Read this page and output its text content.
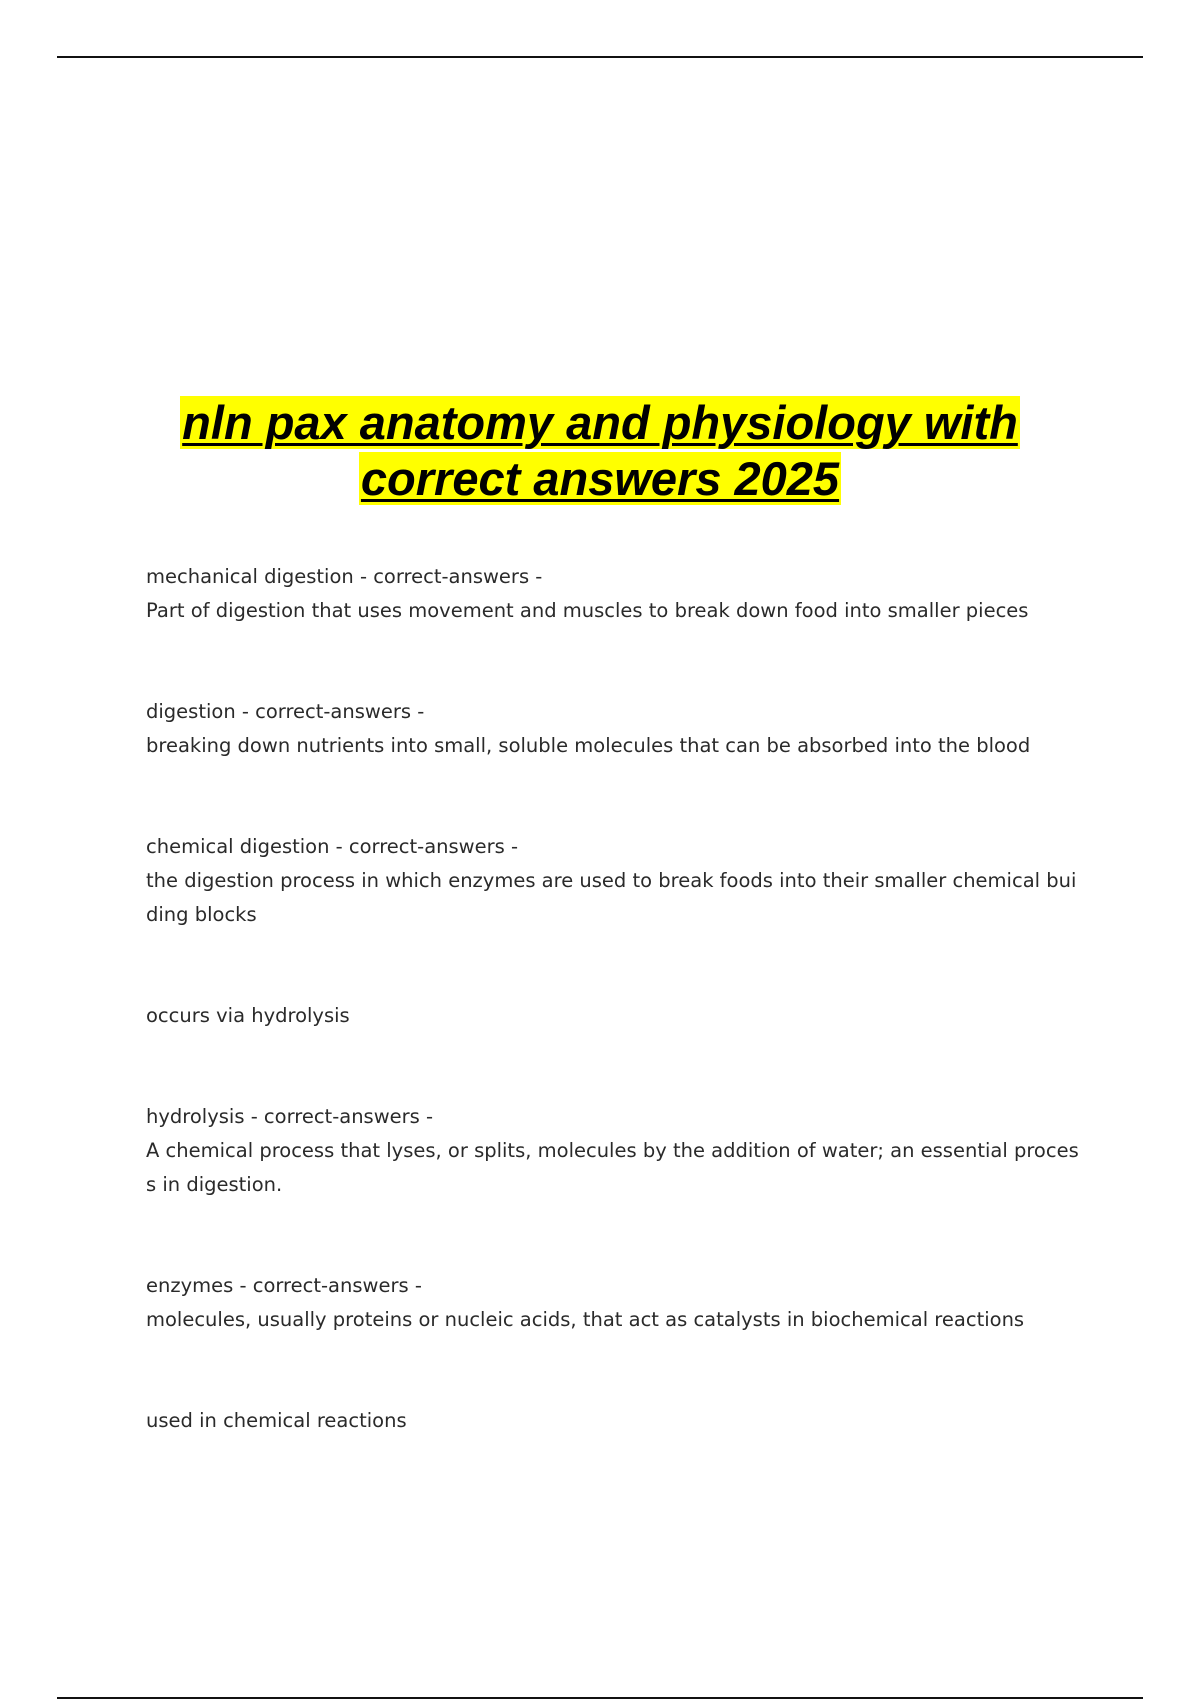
nln pax anatomy and physiology with
correct answers 2025

mechanical digestion - correct-answers -

Part of digestion that uses movement and muscles to break down food into smaller pieces

digestion - correct-answers -

breaking down nutrients into small, soluble molecules that can be absorbed into the blood

chemical digestion - correct-answers -

the digestion process in which enzymes are used to break foods into their smaller chemical buiding blocks

occurs via hydrolysis

hydrolysis - correct-answers -

A chemical process that lyses, or splits, molecules by the addition of water; an essential process in digestion.

enzymes - correct-answers -

molecules, usually proteins or nucleic acids, that act as catalysts in biochemical reactions

used in chemical reactions
